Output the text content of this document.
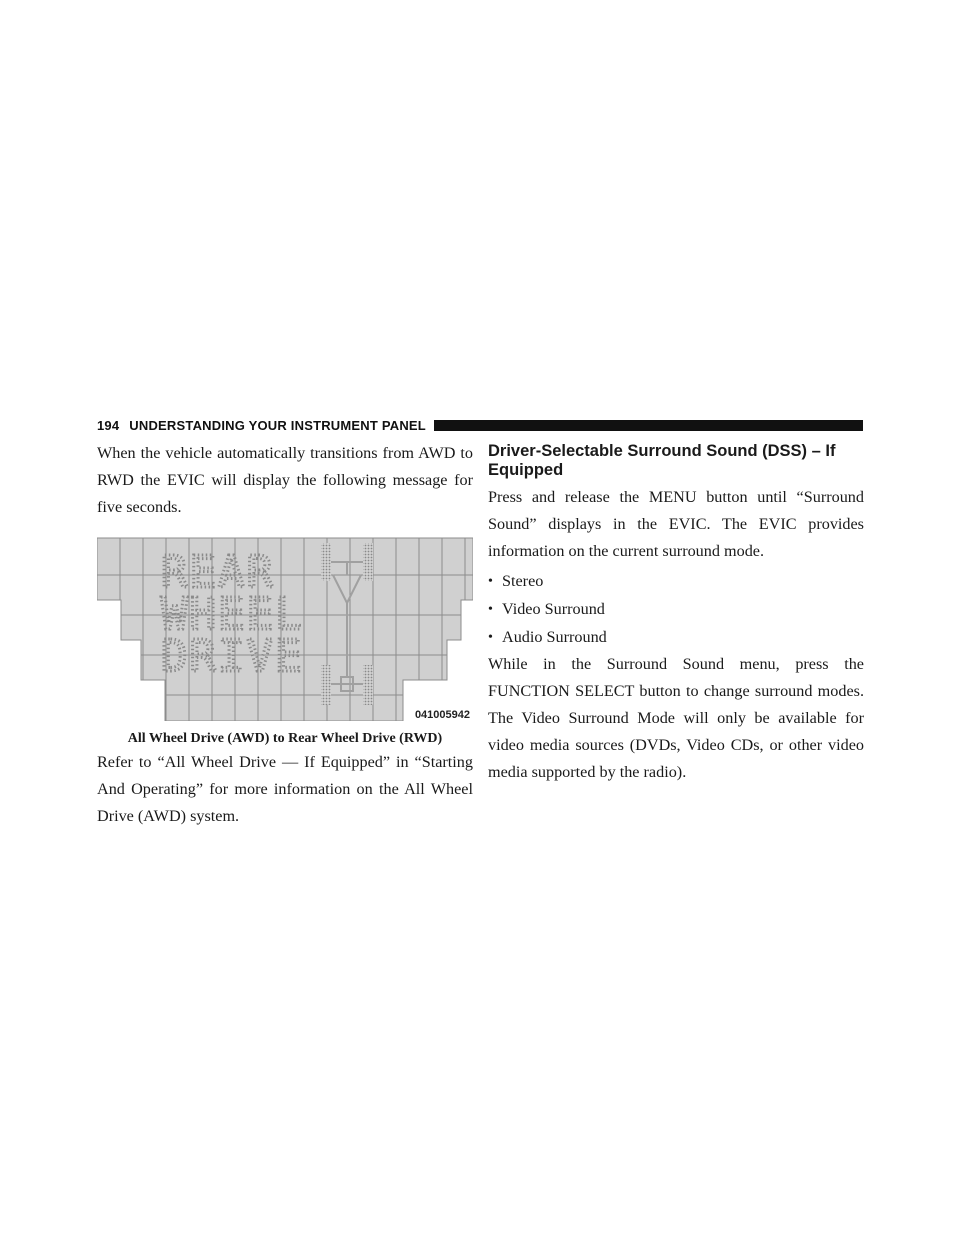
194 UNDERSTANDING YOUR INSTRUMENT PANEL

When the vehicle automatically transitions from AWD to RWD the EVIC will display the following message for five seconds.

REAR
WHEEL
DRIVE
041005942
All Wheel Drive (AWD) to Rear Wheel Drive (RWD)

Refer to “All Wheel Drive — If Equipped” in “Starting And Operating” for more information on the All Wheel Drive (AWD) system.

Driver-Selectable Surround Sound (DSS) – If Equipped

Press and release the MENU button until “Surround Sound” displays in the EVIC. The EVIC provides information on the current surround mode.

• Stereo
• Video Surround
• Audio Surround

While in the Surround Sound menu, press the FUNCTION SELECT button to change surround modes. The Video Surround Mode will only be available for video media sources (DVDs, Video CDs, or other video media supported by the radio).
